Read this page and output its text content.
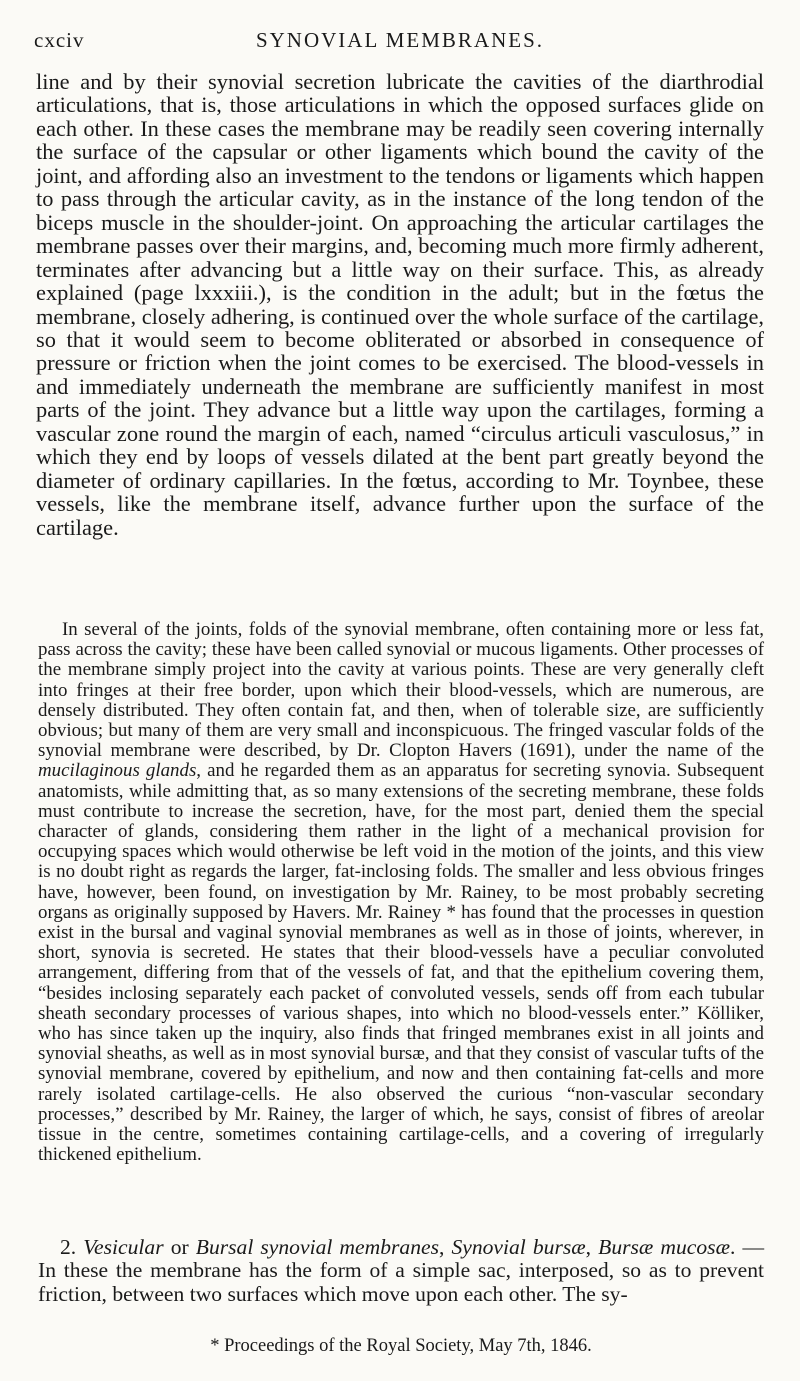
cxciv	SYNOVIAL MEMBRANES.

line and by their synovial secretion lubricate the cavities of the diarthrodial articulations, that is, those articulations in which the opposed surfaces glide on each other. In these cases the membrane may be readily seen covering internally the surface of the capsular or other ligaments which bound the cavity of the joint, and affording also an investment to the tendons or ligaments which happen to pass through the articular cavity, as in the instance of the long tendon of the biceps muscle in the shoulder-joint. On approaching the articular cartilages the membrane passes over their margins, and, becoming much more firmly adherent, terminates after advancing but a little way on their surface. This, as already explained (page lxxxiii.), is the condition in the adult; but in the fœtus the membrane, closely adhering, is continued over the whole surface of the cartilage, so that it would seem to become obliterated or absorbed in consequence of pressure or friction when the joint comes to be exercised. The blood-vessels in and immediately underneath the membrane are sufficiently manifest in most parts of the joint. They advance but a little way upon the cartilages, forming a vascular zone round the margin of each, named “circulus articuli vasculosus,” in which they end by loops of vessels dilated at the bent part greatly beyond the diameter of ordinary capillaries. In the fœtus, according to Mr. Toynbee, these vessels, like the membrane itself, advance further upon the surface of the cartilage.

In several of the joints, folds of the synovial membrane, often containing more or less fat, pass across the cavity; these have been called synovial or mucous ligaments. Other processes of the membrane simply project into the cavity at various points. These are very generally cleft into fringes at their free border, upon which their blood-vessels, which are numerous, are densely distributed. They often contain fat, and then, when of tolerable size, are sufficiently obvious; but many of them are very small and inconspicuous. The fringed vascular folds of the synovial membrane were described, by Dr. Clopton Havers (1691), under the name of the mucilaginous glands, and he regarded them as an apparatus for secreting synovia. Subsequent anatomists, while admitting that, as so many extensions of the secreting membrane, these folds must contribute to increase the secretion, have, for the most part, denied them the special character of glands, considering them rather in the light of a mechanical provision for occupying spaces which would otherwise be left void in the motion of the joints, and this view is no doubt right as regards the larger, fat-inclosing folds. The smaller and less obvious fringes have, however, been found, on investigation by Mr. Rainey, to be most probably secreting organs as originally supposed by Havers. Mr. Rainey * has found that the processes in question exist in the bursal and vaginal synovial membranes as well as in those of joints, wherever, in short, synovia is secreted. He states that their blood-vessels have a peculiar convoluted arrangement, differing from that of the vessels of fat, and that the epithelium covering them, “besides inclosing separately each packet of convoluted vessels, sends off from each tubular sheath secondary processes of various shapes, into which no blood-vessels enter.” Kölliker, who has since taken up the inquiry, also finds that fringed membranes exist in all joints and synovial sheaths, as well as in most synovial bursæ, and that they consist of vascular tufts of the synovial membrane, covered by epithelium, and now and then containing fat-cells and more rarely isolated cartilage-cells. He also observed the curious “non-vascular secondary processes,” described by Mr. Rainey, the larger of which, he says, consist of fibres of areolar tissue in the centre, sometimes containing cartilage-cells, and a covering of irregularly thickened epithelium.

2. Vesicular or Bursal synovial membranes, Synovial bursæ, Bursæ mucosæ. —In these the membrane has the form of a simple sac, interposed, so as to prevent friction, between two surfaces which move upon each other. The sy-

* Proceedings of the Royal Society, May 7th, 1846.
